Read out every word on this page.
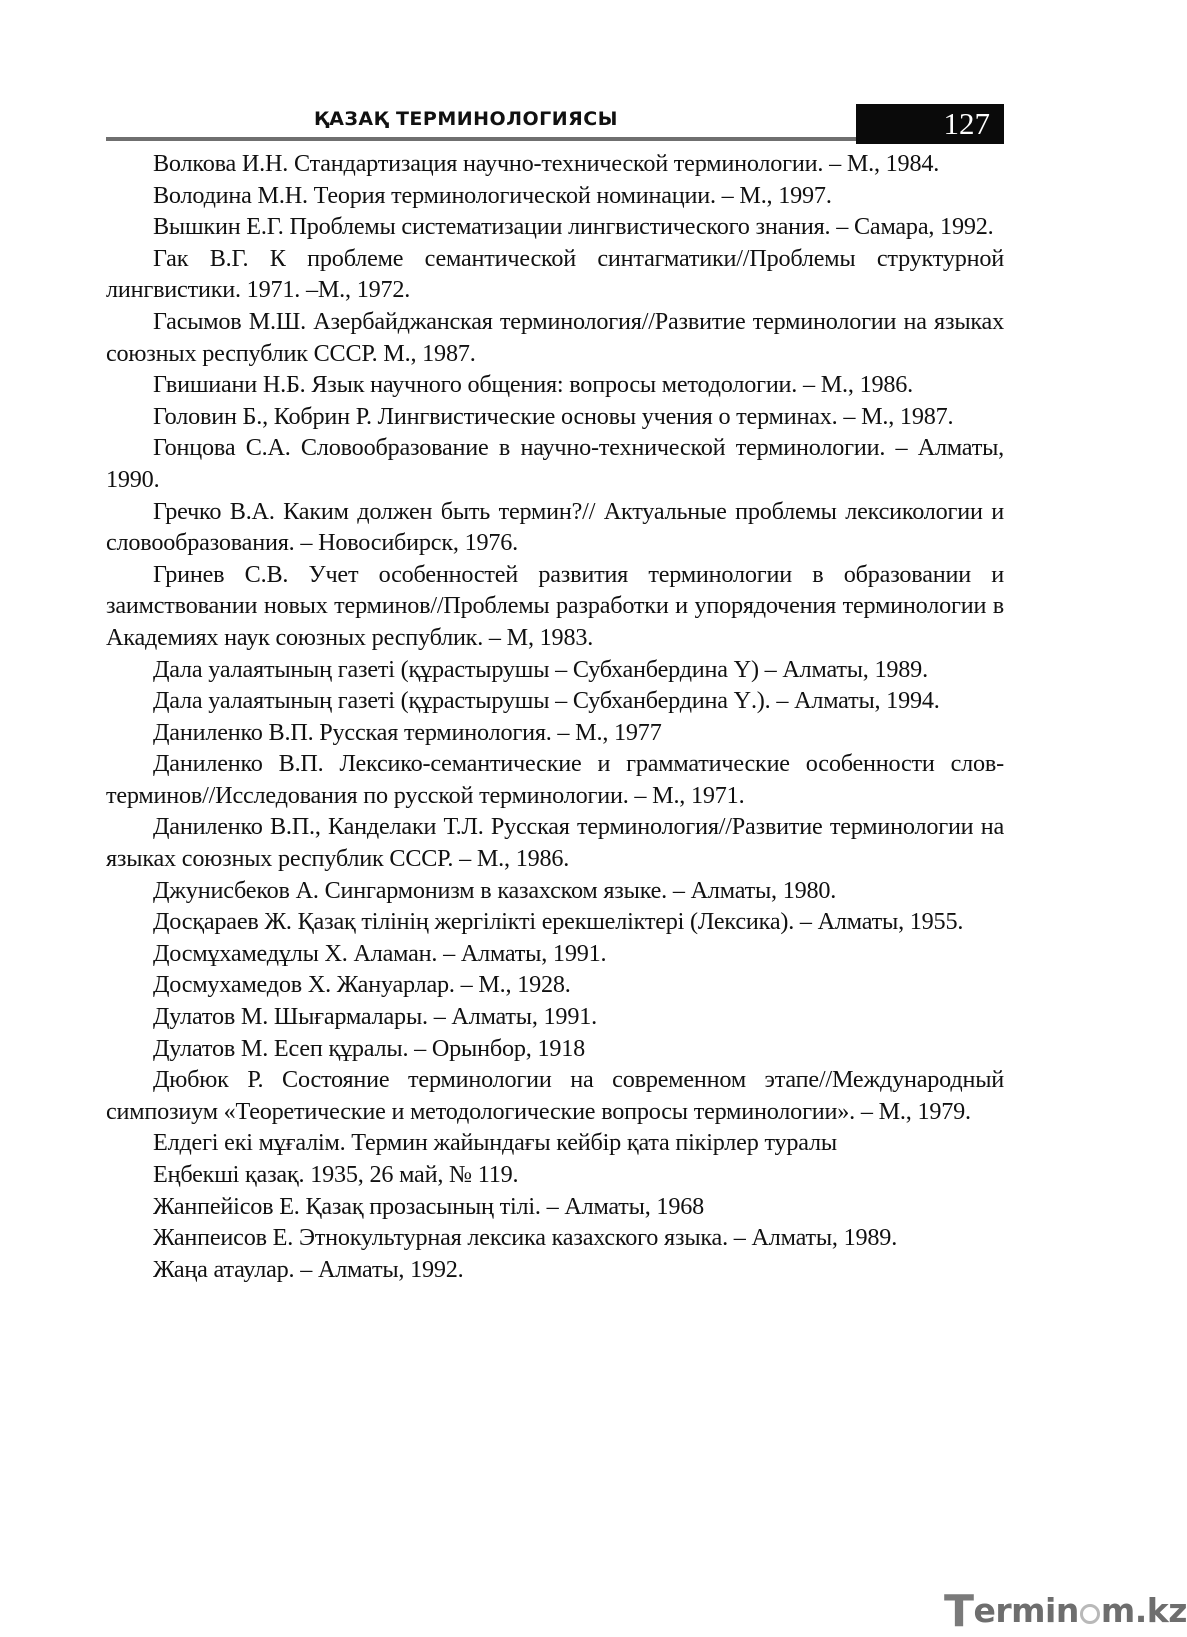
ҚАЗАҚ ТЕРМИНОЛОГИЯСЫ	127

Волкова И.Н. Стандартизация научно-технической терминологии. – М., 1984.

Володина М.Н. Теория терминологической номинации. – М., 1997.

Вышкин Е.Г. Проблемы систематизации лингвистического знания. – Самара, 1992.

Гак В.Г. К проблеме семантической синтагматики//Проблемы структурной лингвистики. 1971. –М., 1972.

Гасымов М.Ш. Азербайджанская терминология//Развитие терминологии на языках союзных республик СССР. М., 1987.

Гвишиани Н.Б. Язык научного общения: вопросы методологии. – М., 1986.

Головин Б., Кобрин Р. Лингвистические основы учения о терминах. – М., 1987.

Гонцова С.А. Словообразование в научно-технической терминологии. – Алматы, 1990.

Гречко В.А. Каким должен быть термин?// Актуальные проблемы лексикологии и словообразования. – Новосибирск, 1976.

Гринев С.В. Учет особенностей развития терминологии в образовании и заимствовании новых терминов//Проблемы разработки и упорядочения терминологии в Академиях наук союзных республик. – М, 1983.

Дала уалаятының газеті (құрастырушы – Субханбердина Ү) – Алматы, 1989.

Дала уалаятының газеті (құрастырушы – Субханбердина Ү.). – Алматы, 1994.

Даниленко В.П. Русская терминология. – М., 1977

Даниленко В.П. Лексико-семантические и грамматические особенности слов-терминов//Исследования по русской терминологии. – М., 1971.

Даниленко В.П., Канделаки Т.Л. Русская терминология//Развитие терминологии на языках союзных республик СССР. – М., 1986.

Джунисбеков А. Сингармонизм в казахском языке. – Алматы, 1980.

Досқараев Ж. Қазақ тілінің жергілікті ерекшеліктері (Лексика). – Алматы, 1955.

Досмұхамедұлы Х. Аламан. – Алматы, 1991.

Досмухамедов Х. Жануарлар. – М., 1928.

Дулатов М. Шығармалары. – Алматы, 1991.

Дулатов М. Есеп құралы. – Орынбор, 1918

Дюбюк Р. Состояние терминологии на современном этапе//Международный симпозиум «Теоретические и методологические вопросы терминологии». – М., 1979.

Елдегі екі мұғалім. Термин жайындағы кейбір қата пікірлер туралы

Еңбекші қазақ. 1935, 26 май, № 119.

Жанпейісов Е. Қазақ прозасының тілі. – Алматы, 1968

Жанпеисов Е. Этнокультурная лексика казахского языка. – Алматы, 1989.

Жаңа атаулар. – Алматы, 1992.

Termin m.kz
